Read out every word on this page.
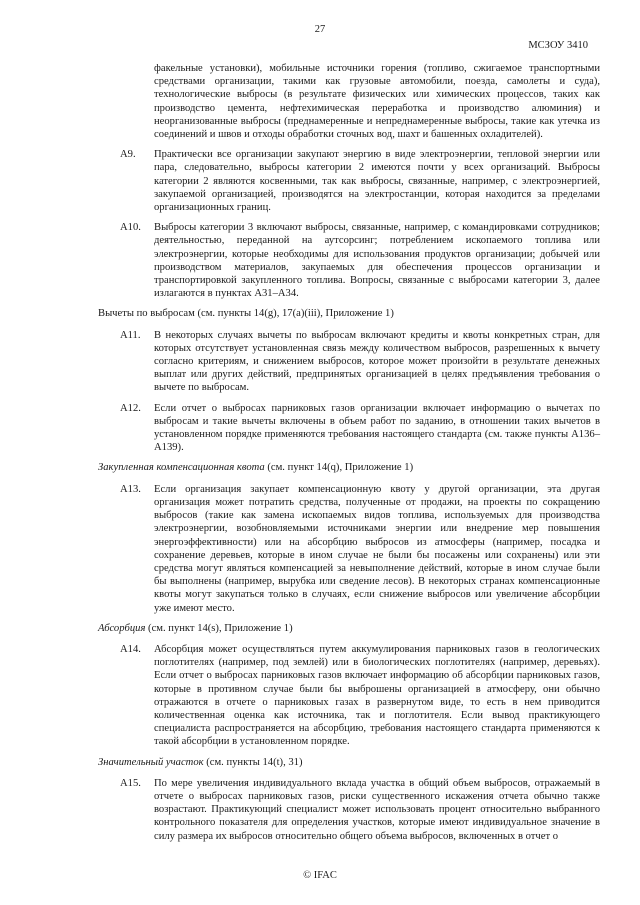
27
МСЗОУ 3410

факельные установки), мобильные источники горения (топливо, сжигаемое транспортными средствами организации, такими как грузовые автомобили, поезда, самолеты и суда), технологические выбросы (в результате физических или химических процессов, таких как производство цемента, нефтехимическая переработка и производство алюминия) и неорганизованные выбросы (преднамеренные и непреднамеренные выбросы, такие как утечка из соединений и швов и отходы обработки сточных вод, шахт и башенных охладителей).

A9. Практически все организации закупают энергию в виде электроэнергии, тепловой энергии или пара, следовательно, выбросы категории 2 имеются почти у всех организаций. Выбросы категории 2 являются косвенными, так как выбросы, связанные, например, с электроэнергией, закупаемой организацией, производятся на электростанции, которая находится за пределами организационных границ.
A10. Выбросы категории 3 включают выбросы, связанные, например, с командировками сотрудников; деятельностью, переданной на аутсорсинг; потреблением ископаемого топлива или электроэнергии, которые необходимы для использования продуктов организации; добычей или производством материалов, закупаемых для обеспечения процессов организации и транспортировкой закупленного топлива. Вопросы, связанные с выбросами категории 3, далее излагаются в пунктах A31–A34.
Вычеты по выбросам (см. пункты 14(g), 17(a)(iii), Приложение 1)
A11. В некоторых случаях вычеты по выбросам включают кредиты и квоты конкретных стран, для которых отсутствует установленная связь между количеством выбросов, разрешенных к вычету согласно критериям, и снижением выбросов, которое может произойти в результате денежных выплат или других действий, предпринятых организацией в целях предъявления требования о вычете по выбросам.
A12. Если отчет о выбросах парниковых газов организации включает информацию о вычетах по выбросам и такие вычеты включены в объем работ по заданию, в отношении таких вычетов в установленном порядке применяются требования настоящего стандарта (см. также пункты A136–A139).
Закупленная компенсационная квота (см. пункт 14(q), Приложение 1)
A13. Если организация закупает компенсационную квоту у другой организации, эта другая организация может потратить средства, полученные от продажи, на проекты по сокращению выбросов (такие как замена ископаемых видов топлива, используемых для производства электроэнергии, возобновляемыми источниками энергии или внедрение мер повышения энергоэффективности) или на абсорбцию выбросов из атмосферы (например, посадка и сохранение деревьев, которые в ином случае не были бы посажены или сохранены) или эти средства могут являться компенсацией за невыполнение действий, которые в ином случае были бы выполнены (например, вырубка или сведение лесов). В некоторых странах компенсационные квоты могут закупаться только в случаях, если снижение выбросов или увеличение абсорбции уже имеют место.
Абсорбция (см. пункт 14(s), Приложение 1)
A14. Абсорбция может осуществляться путем аккумулирования парниковых газов в геологических поглотителях (например, под землей) или в биологических поглотителях (например, деревьях). Если отчет о выбросах парниковых газов включает информацию об абсорбции парниковых газов, которые в противном случае были бы выброшены организацией в атмосферу, они обычно отражаются в отчете о парниковых газах в развернутом виде, то есть в нем приводится количественная оценка как источника, так и поглотителя. Если вывод практикующего специалиста распространяется на абсорбцию, требования настоящего стандарта применяются к такой абсорбции в установленном порядке.
Значительный участок (см. пункты 14(t), 31)
A15. По мере увеличения индивидуального вклада участка в общий объем выбросов, отражаемый в отчете о выбросах парниковых газов, риски существенного искажения отчета обычно также возрастают. Практикующий специалист может использовать процент относительно выбранного контрольного показателя для определения участков, которые имеют индивидуальное значение в силу размера их выбросов относительно общего объема выбросов, включенных в отчет о
© IFAC
